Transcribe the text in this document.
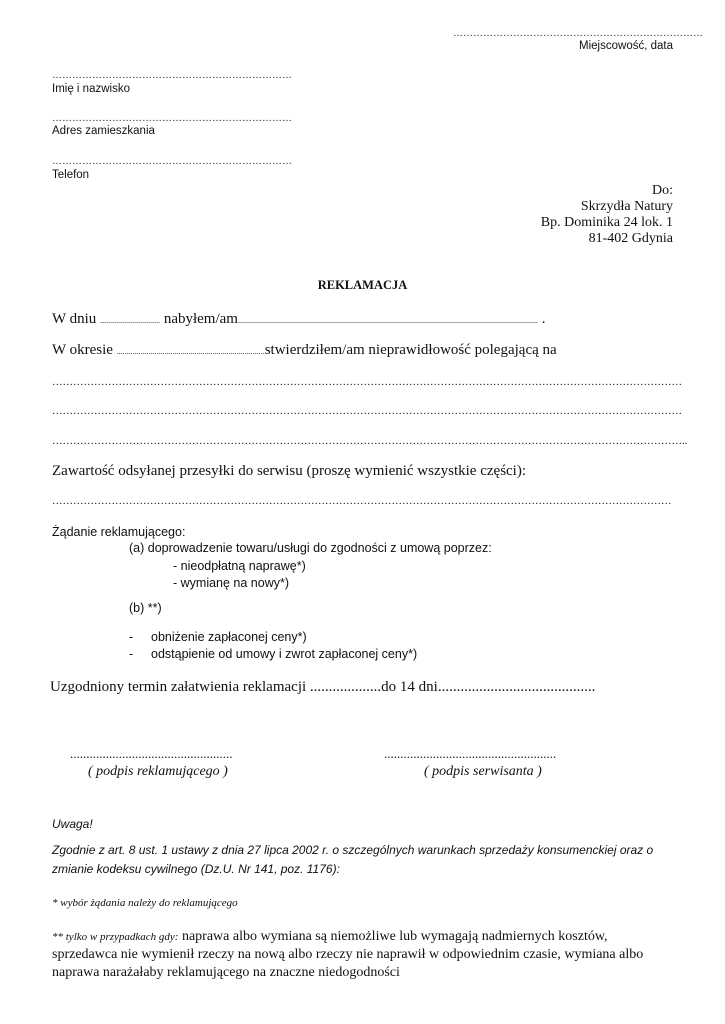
…………………………………………………………………
Miejscowość, data
………………………………………………………………
Imię i nazwisko
………………………………………………………………
Adres zamieszkania
………………………………………………………………
Telefon
Do:
Skrzydła Natury
Bp. Dominika 24 lok. 1
81-402 Gdynia
REKLAMACJA
W dniu .............................. nabyłem/am...................................................................................................................................................... .
W okresie ..........................................................................stwierdziłem/am nieprawidłowość polegającą na
………………………………………………………………………………………………………………………………………………………………
………………………………………………………………………………………………………………………………………………………………
………………………………………………………………………………………………………………………………………………………………..
Zawartość odsyłanej przesyłki do serwisu (proszę wymienić wszystkie części):
……………………………………………………………………………………………………………………………………………………………
Żądanie reklamującego:
(a) doprowadzenie towaru/usługi do zgodności z umową poprzez:
- nieodpłatną naprawę*)
- wymianę na nowy*)
(b) **)
- obniżenie zapłaconej ceny*)
- odstąpienie od umowy i zwrot zapłaconej ceny*)
Uzgodniony termin załatwienia reklamacji ...................do 14 dni..........................................
..................................................
( podpis reklamującego )
.....................................................
( podpis serwisanta )
Uwaga!
Zgodnie z art. 8 ust. 1 ustawy z dnia 27 lipca 2002 r. o szczególnych warunkach sprzedaży konsumenckiej oraz o zmianie kodeksu cywilnego (Dz.U. Nr 141, poz. 1176):
* wybór żądania należy do reklamującego
** tylko w przypadkach gdy: naprawa albo wymiana są niemożliwe lub wymagają nadmiernych kosztów, sprzedawca nie wymienił rzeczy na nową albo rzeczy nie naprawił w odpowiednim czasie, wymiana albo naprawa narażałaby reklamującego na znaczne niedogodności
